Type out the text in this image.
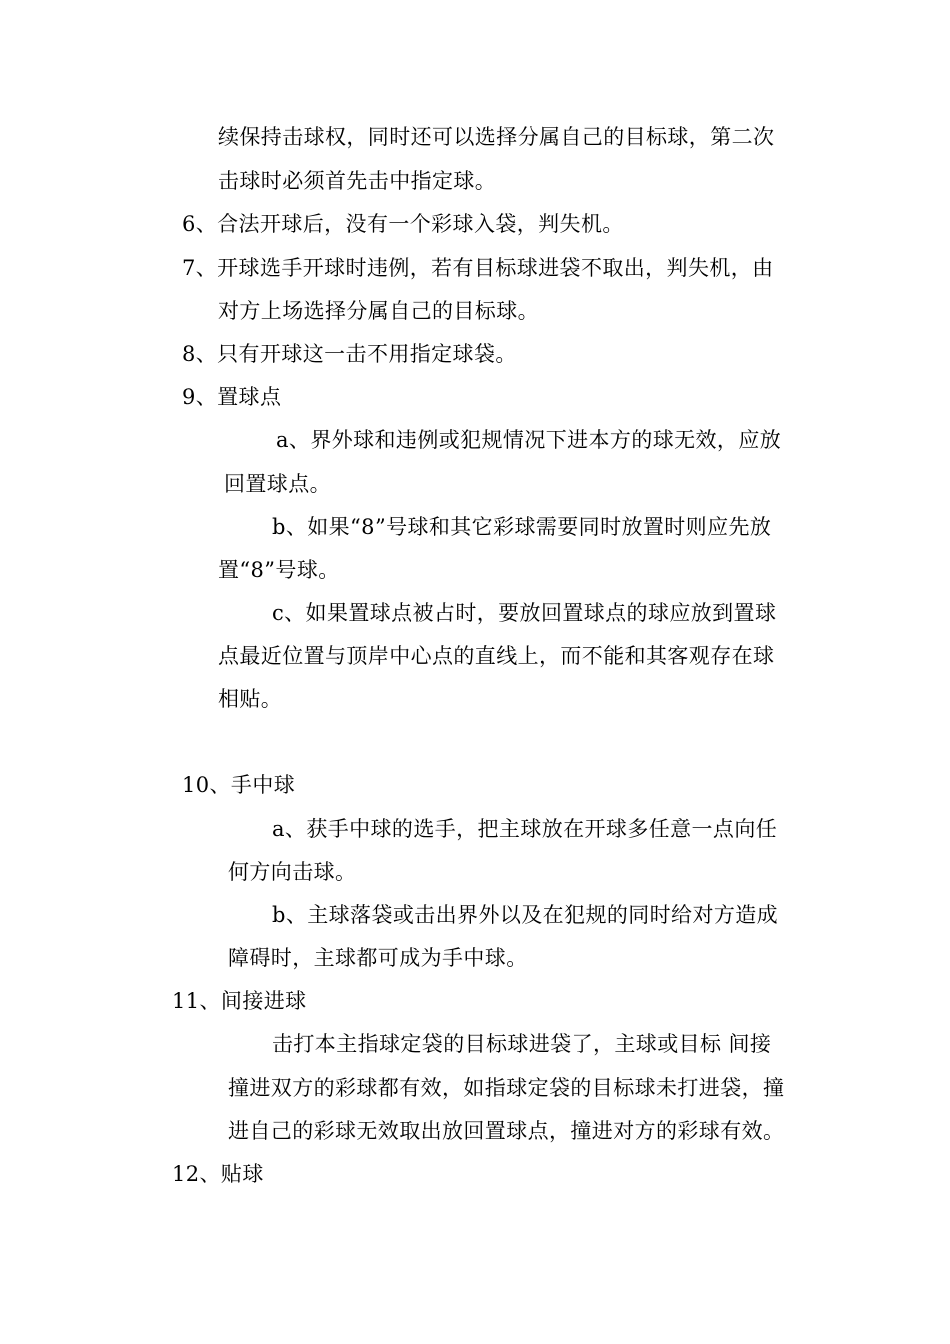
续保持击球权，同时还可以选择分属自己的目标球，第二次
击球时必须首先击中指定球。
6、合法开球后，没有一个彩球入袋，判失机。
7、开球选手开球时违例，若有目标球进袋不取出，判失机，由
对方上场选择分属自己的目标球。
8、只有开球这一击不用指定球袋。
9、置球点
a、界外球和违例或犯规情况下进本方的球无效，应放
回置球点。
b、如果“8”号球和其它彩球需要同时放置时则应先放
置“8”号球。
c、如果置球点被占时，要放回置球点的球应放到置球
点最近位置与顶岸中心点的直线上，而不能和其客观存在球
相贴。
10、手中球
a、获手中球的选手，把主球放在开球多任意一点向任
何方向击球。
b、主球落袋或击出界外以及在犯规的同时给对方造成
障碍时，主球都可成为手中球。
11、间接进球
击打本主指球定袋的目标球进袋了，主球或目标 间接
撞进双方的彩球都有效，如指球定袋的目标球未打进袋，撞
进自己的彩球无效取出放回置球点，撞进对方的彩球有效。
12、贴球
